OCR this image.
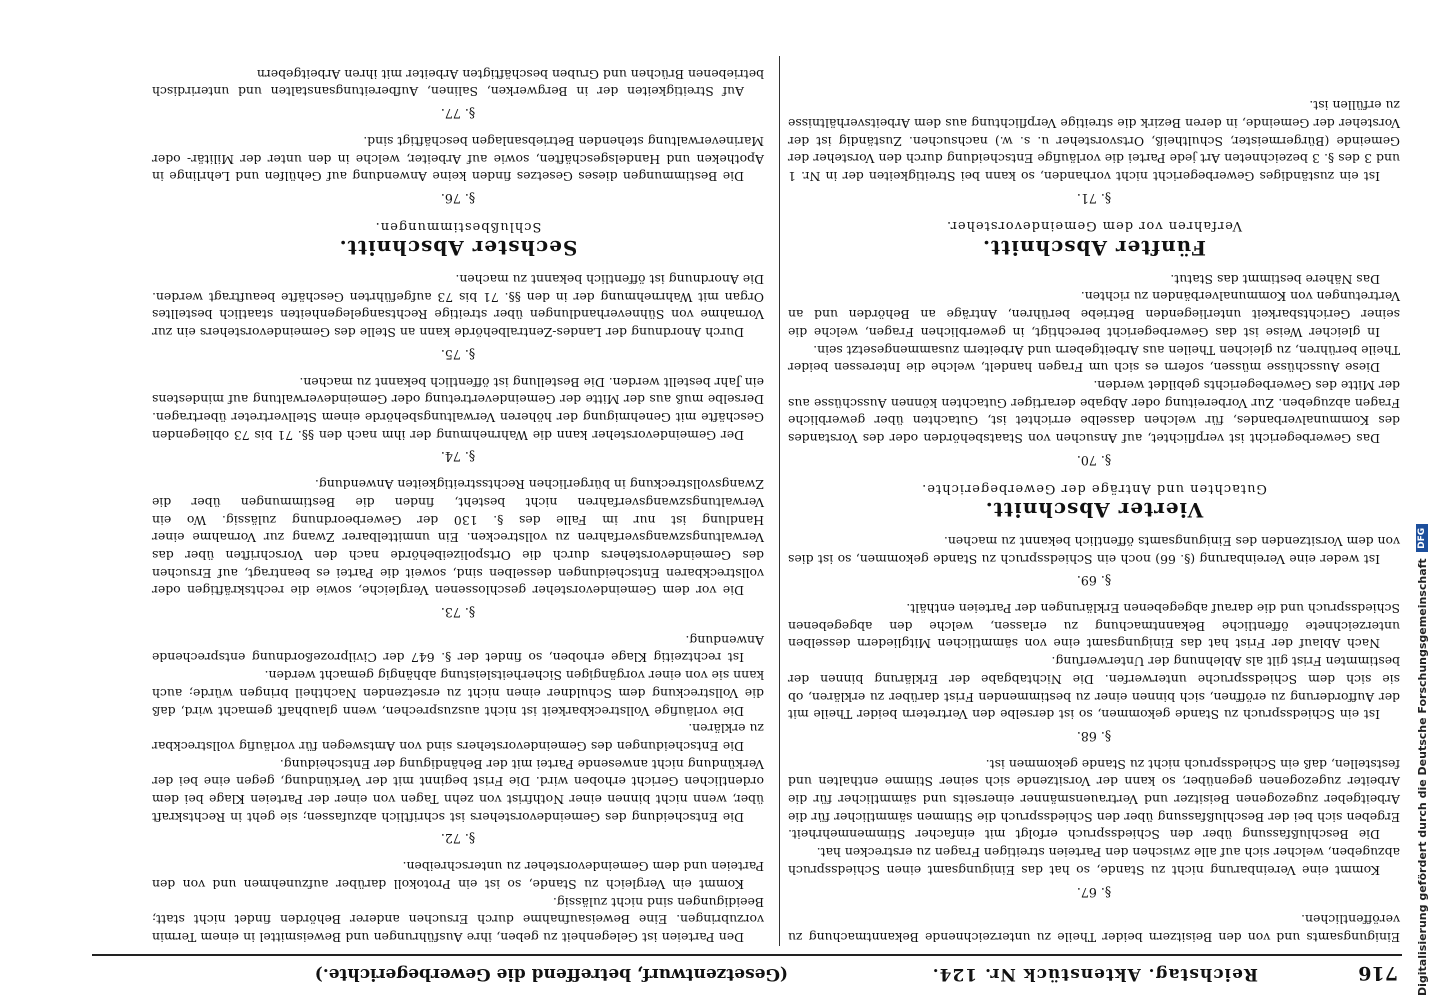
716
Reichstag. Aktenstück Nr. 124.
(Gesetzentwurf, betreffend die Gewerbegerichte.)

Einigungsamts und von den Beisitzern beider Theile zu unterzeichnende Bekanntmachung zu veröffentlichen.

§. 67.

Kommt eine Vereinbarung nicht zu Stande, so hat das Einigungsamt einen Schiedsspruch abzugeben, welcher sich auf alle zwischen den Parteien streitigen Fragen zu erstrecken hat.

Die Beschlußfassung über den Schiedsspruch erfolgt mit einfacher Stimmenmehrheit. Ergeben sich bei der Beschlußfassung über den Schiedsspruch die Stimmen sämmtlicher für die Arbeitgeber zugezogenen Beisitzer und Vertrauensmänner einerseits und sämmtlicher für die Arbeiter zugezogenen gegenüber, so kann der Vorsitzende sich seiner Stimme enthalten und feststellen, daß ein Schiedsspruch nicht zu Stande gekommen ist.

§. 68.

Ist ein Schiedsspruch zu Stande gekommen, so ist derselbe den Vertretern beider Theile mit der Aufforderung zu eröffnen, sich binnen einer zu bestimmenden Frist darüber zu erklären, ob sie sich dem Schiedsspruche unterwerfen. Die Nichtabgabe der Erklärung binnen der bestimmten Frist gilt als Ablehnung der Unterwerfung.

Nach Ablauf der Frist hat das Einigungsamt eine von sämmtlichen Mitgliedern desselben unterzeichnete öffentliche Bekanntmachung zu erlassen, welche den abgegebenen Schiedsspruch und die darauf abgegebenen Erklärungen der Parteien enthält.

§. 69.

Ist weder eine Vereinbarung (§. 66) noch ein Schiedsspruch zu Stande gekommen, so ist dies von dem Vorsitzenden des Einigungsamts öffentlich bekannt zu machen.

Vierter Abschnitt.
Gutachten und Anträge der Gewerbegerichte.
§. 70.

Das Gewerbegericht ist verpflichtet, auf Ansuchen von Staatsbehörden oder des Vorstandes des Kommunalverbandes, für welchen dasselbe errichtet ist, Gutachten über gewerbliche Fragen abzugeben. Zur Vorbereitung oder Abgabe derartiger Gutachten können Ausschüsse aus der Mitte des Gewerbegerichts gebildet werden.

Diese Ausschüsse müssen, sofern es sich um Fragen handelt, welche die Interessen beider Theile berühren, zu gleichen Theilen aus Arbeitgebern und Arbeitern zusammengesetzt sein.

In gleicher Weise ist das Gewerbegericht berechtigt, in gewerblichen Fragen, welche die seiner Gerichtsbarkeit unterliegenden Betriebe berühren, Anträge an Behörden und an Vertretungen von Kommunalverbänden zu richten.

Das Nähere bestimmt das Statut.

Fünfter Abschnitt.
Verfahren vor dem Gemeindevorsteher.
§. 71.

Ist ein zuständiges Gewerbegericht nicht vorhanden, so kann bei Streitigkeiten der in Nr. 1 und 3 des §. 3 bezeichneten Art jede Partei die vorläufige Entscheidung durch den Vorsteher der Gemeinde (Bürgermeister, Schultheiß, Ortsvorsteher u. s. w.) nachsuchen. Zuständig ist der Vorsteher der Gemeinde, in deren Bezirk die streitige Verpflichtung aus dem Arbeitsverhältnisse zu erfüllen ist.

Den Parteien ist Gelegenheit zu geben, ihre Ausführungen und Beweismittel in einem Termin vorzubringen. Eine Beweisaufnahme durch Ersuchen anderer Behörden findet nicht statt; Beeidigungen sind nicht zulässig.

Kommt ein Vergleich zu Stande, so ist ein Protokoll darüber aufzunehmen und von den Parteien und dem Gemeindevorsteher zu unterschreiben.

§. 72.

Die Entscheidung des Gemeindevorstehers ist schriftlich abzufassen; sie geht in Rechtskraft über, wenn nicht binnen einer Nothfrist von zehn Tagen von einer der Parteien Klage bei dem ordentlichen Gericht erhoben wird. Die Frist beginnt mit der Verkündung, gegen eine bei der Verkündung nicht anwesende Partei mit der Behändigung der Entscheidung.

Die Entscheidungen des Gemeindevorstehers sind von Amtswegen für vorläufig vollstreckbar zu erklären.

Die vorläufige Vollstreckbarkeit ist nicht auszusprechen, wenn glaubhaft gemacht wird, daß die Vollstreckung dem Schuldner einen nicht zu ersetzenden Nachtheil bringen würde; auch kann sie von einer vorgängigen Sicherheitsleistung abhängig gemacht werden.

Ist rechtzeitig Klage erhoben, so findet der §. 647 der Civilprozeßordnung entsprechende Anwendung.

§. 73.

Die vor dem Gemeindevorsteher geschlossenen Vergleiche, sowie die rechtskräftigen oder vollstreckbaren Entscheidungen desselben sind, soweit die Partei es beantragt, auf Ersuchen des Gemeindevorstehers durch die Ortspolizeibehörde nach den Vorschriften über das Verwaltungszwangsverfahren zu vollstrecken. Ein unmittelbarer Zwang zur Vornahme einer Handlung ist nur im Falle des §. 130 der Gewerbeordnung zulässig. Wo ein Verwaltungszwangsverfahren nicht besteht, finden die Bestimmungen über die Zwangsvollstreckung in bürgerlichen Rechtsstreitigkeiten Anwendung.

§. 74.

Der Gemeindevorsteher kann die Wahrnehmung der ihm nach den §§. 71 bis 73 obliegenden Geschäfte mit Genehmigung der höheren Verwaltungsbehörde einem Stellvertreter übertragen. Derselbe muß aus der Mitte der Gemeindevertretung oder Gemeindeverwaltung auf mindestens ein Jahr bestellt werden. Die Bestellung ist öffentlich bekannt zu machen.

§. 75.

Durch Anordnung der Landes-Zentralbehörde kann an Stelle des Gemeindevorstehers ein zur Vornahme von Sühneverhandlungen über streitige Rechtsangelegenheiten staatlich bestelltes Organ mit Wahrnehmung der in den §§. 71 bis 73 aufgeführten Geschäfte beauftragt werden. Die Anordnung ist öffentlich bekannt zu machen.

Sechster Abschnitt.
Schlußbestimmungen.
§. 76.

Die Bestimmungen dieses Gesetzes finden keine Anwendung auf Gehülfen und Lehrlinge in Apotheken und Handelsgeschäften, sowie auf Arbeiter, welche in den unter der Militär- oder Marineverwaltung stehenden Betriebsanlagen beschäftigt sind.

§. 77.

Auf Streitigkeiten der in Bergwerken, Salinen, Aufbereitungsanstalten und unterirdisch betriebenen Brüchen und Gruben beschäftigten Arbeiter mit ihren Arbeitgebern

Digitalisierung gefördert durch die Deutsche Forschungsgemeinschaft
DFG
